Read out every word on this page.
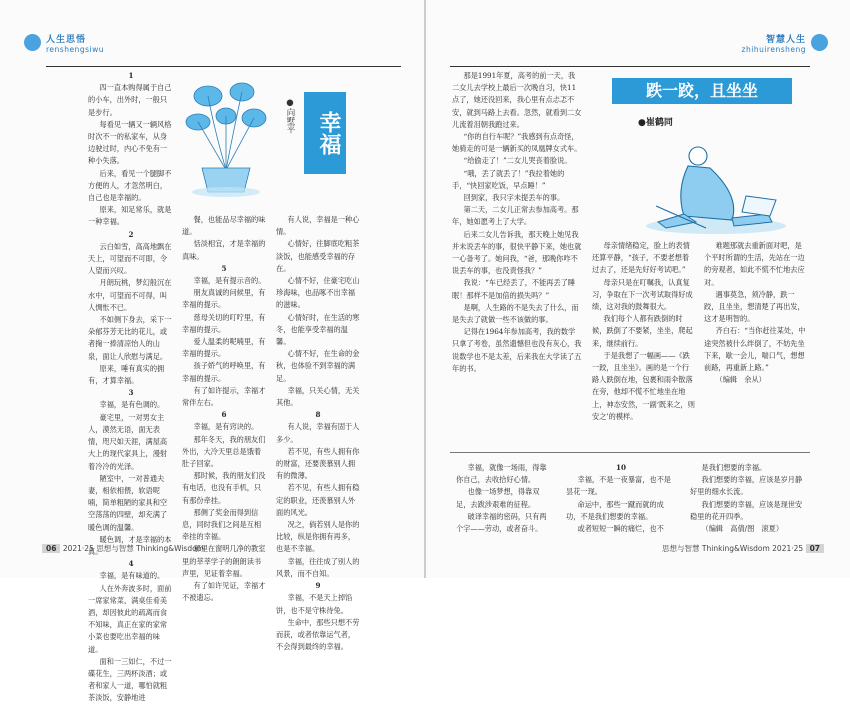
人生思悟
renshengsiwu

1

四一直本购得属于自己的小车，出外时，一般只是步行。

每看见一辆又一辆风格时次不一的私家车，从身边驶过时，内心不免有一种小失落。

后来，看见一个腿脚不方便的人，才忽然明白，自己也是幸福的。

原来，知足常乐，就是一种幸福。

2

云白如雪，高高地飘在天上，可望而不可即，令人望而兴叹。

月朗玩桃，梦幻般沉在水中，可望而不可得，叫人惆怅不已。

不如侧下身去，采下一朵郁芬芳无比的花儿，或者掬一捧清凉怡人的山泉，面让人欣慰与满足。

原来，唾有真实的拥有，才算幸福。

3

幸福，是有色调的。

豪宅里，一对男女主人，漠然无语，面无表情，咫尺如天涯，满屋高大上的现代家具上，漫射着冷冷的光泽。

陋室中，一对普通夫妻，相依相偎，软语呢喃，简单粗陋的家具和空空荡荡的四壁，却充满了暖色调的温馨。

暖色调，才是幸福的本真。

4

幸福，是有味道的。

人在外奔波多时，面前一席家常菜，满桌佳肴美酒，却因彼此的疏离而食不知味，真正在家的家常小菜也要吃出幸福的味道。

面和一三如仁，不过一碟花生，三两杯淡酒；或者和家人一道，哪怕就粗茶淡饭，安静地进

幸福
●向墅平

餐，也能品尽幸福的味道。

恬淡相宜，才是幸福的真味。

5

幸福，是有提示音的。

朋友真诚的问候里，有幸福的提示。

慈母关切的叮咛里，有幸福的提示。

爱人温柔的呢喃里，有幸福的提示。

孩子娇气的呼唤里，有幸福的提示。

有了如许提示，幸福才常伴左右。

6

幸福，是有窍诀的。

那年冬天，我的朋友们外出，大冷天里总是饿着肚子回家。

那时候，我的朋友们没有电话，也没有手机，只有那份牵挂。

那侧了奖金而得到信息，同时我们之间是互相牵挂的幸福。

那里在窗明几净的教室里的莘莘学子的朗朗读书声里，见证着幸福。

有了如许见证，幸福才不被遗忘。

有人说，幸福是一种心情。

心情好，往脚底吃粗茶淡饭，也能感受幸福的存在。

心情不好，住豪宅吃山珍海味，也品啄不出幸福的滋味。

心情好时，在生活的寒冬，也能享受幸福的温馨。

心情不好，在生命的金秋，也体验不到幸福的满足。

幸福，只关心情，无关其他。

8

有人说，幸福有固于人多少。

若不见，有些人拥有你的财富，还要羡慕别人拥有的微薄。

若不见，有些人拥有稳定的职业，还羡慕别人外面的风光。

况之，倘若别人是你的比较，纵是你拥有再多，也是不幸福。

幸福，往往成了别人的风景，而不自知。

9

幸福，不是天上掉馅饼，也不是守株待兔。

生命中，那些只想不劳而获，或者依靠运气者，不会得到最终的幸福。

06 2021·25 思想与智慧 Thinking&Wisdom
智慧人生
zhihuirensheng

那是1991年夏，高考的前一天，我二女儿去学校上最后一次晚自习，快11点了，她还没回来，我心里有点忐忑不安，就到马路上去看。忽然，就看到二女儿流着泪朝我跑过来。

“你的自行车呢？”我感到有点奇怪，她骑走的可是一辆新买的凤凰牌女式车。

“给偷走了！”二女儿哭丧着脸说。

“哦，丢了就丢了！”我拉着她的手，“快回家吃饭，早点睡！”

回到家，我只字未提丢车的事。

第二天，二女儿正常去参加高考。那年，她如愿考上了大学。

后来二女儿告诉我，那天晚上她见我并未说丢车的事，很快平静下来，她也就一心备考了。她问我，“爸，那晚你咋不说丢车的事，也没责怪我？”

我说：“车已经丢了，不能再丢了睡眠！那样不是加倍的损失吗？”

是啊，人生路的不是失去了什么，而是失去了就做一些不该做的事。

记得在1964年参加高考，我的数学只拿了考卷，虽然遗憾但也没有灰心，我说数学也不是太差，后来我在大学读了五年的书。

跌一跤，且坐坐
●崔鹤同

母亲情绪稳定，脸上的表情还算平静，“孩子，不要老想着过去了，还是先好好考试吧。”

母亲只是在叮嘱我，认真复习，争取在下一次考试取得好成绩，这对我的鼓舞很大。

我们每个人都有跌倒的时候，跌倒了不要紧，坐坐，爬起来，继续前行。

于是我想了一幅画——《跌一跤，且坐坐》。画的是一个行路人跌倒在地，包裹和雨伞散落在旁，他却不慌不忙地坐在地上，神态安然，一副‘既来之，则安之’的模样。

难题那就去重新面对吧，是个平时所谓的生活，先站在一边的旁观者，如此不慌不忙地去应对。

遇事莫急，须冷静，跌一跤，且坐坐，想清楚了再出发，这才是明智的。

齐白石：“当你赶往某处，中途突然被什么绊倒了，不妨先坐下来，歇一会儿，喘口气，想想前路，再重新上路。”

（编辑　余从）

幸福，就像一场雨，得靠你自己，去收拾好心情。

也像一场梦想，得靠双足，去跋涉艰难的征程。

破译幸福的密码，只有两个字——劳动，或者奋斗。

10

幸福，不是一夜暴富，也不是昙花一现。

命运中，那些一蹴而就的成功，不是我们想要的幸福。

或者短短一瞬的痛烂，也不

是我们想要的幸福。

我们想要的幸福，应该是岁月静好里的细水长流。

我们想要的幸福，应该是现世安稳里的花开四季。

（编辑　高倩/图　滚夏）

思想与智慧 Thinking&Wisdom 2021·25 07
